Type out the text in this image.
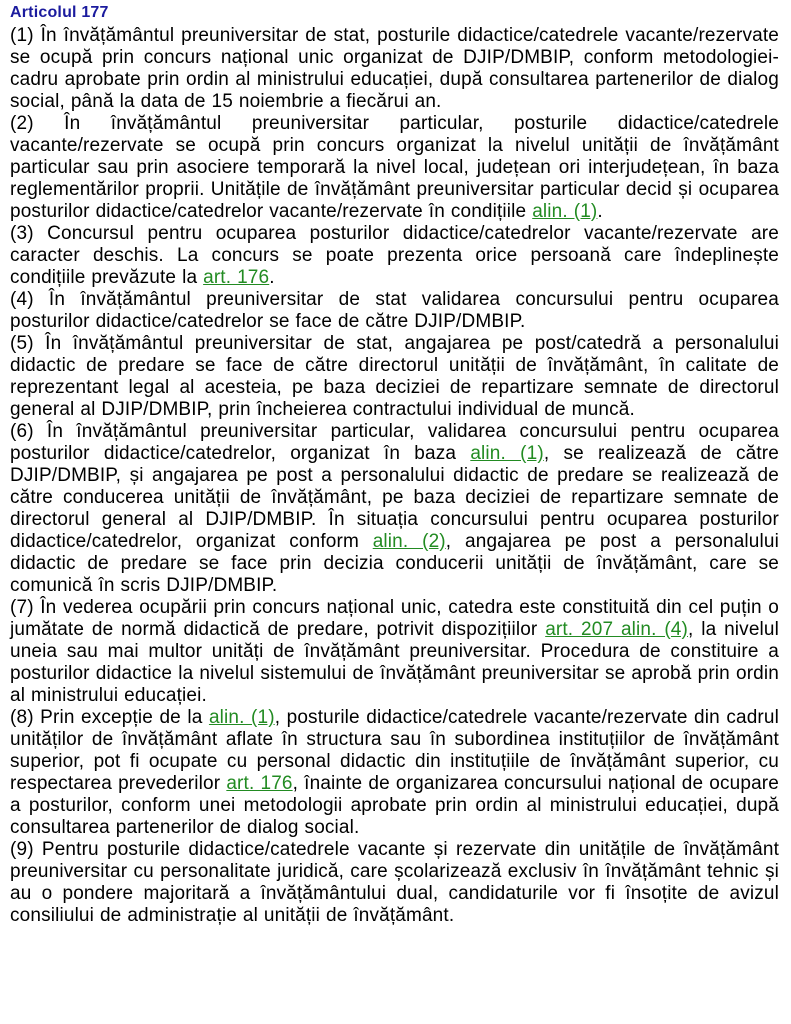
Articolul 177

(1) În învățământul preuniversitar de stat, posturile didactice/catedrele vacante/rezervate se ocupă prin concurs național unic organizat de DJIP/DMBIP, conform metodologiei-cadru aprobate prin ordin al ministrului educației, după consultarea partenerilor de dialog social, până la data de 15 noiembrie a fiecărui an.

(2) În învățământul preuniversitar particular, posturile didactice/catedrele vacante/rezervate se ocupă prin concurs organizat la nivelul unității de învățământ particular sau prin asociere temporară la nivel local, județean ori interjudețean, în baza reglementărilor proprii. Unitățile de învățământ preuniversitar particular decid și ocuparea posturilor didactice/catedrelor vacante/rezervate în condițiile alin. (1).

(3) Concursul pentru ocuparea posturilor didactice/catedrelor vacante/rezervate are caracter deschis. La concurs se poate prezenta orice persoană care îndeplinește condițiile prevăzute la art. 176.

(4) În învățământul preuniversitar de stat validarea concursului pentru ocuparea posturilor didactice/catedrelor se face de către DJIP/DMBIP.

(5) În învățământul preuniversitar de stat, angajarea pe post/catedră a personalului didactic de predare se face de către directorul unității de învățământ, în calitate de reprezentant legal al acesteia, pe baza deciziei de repartizare semnate de directorul general al DJIP/DMBIP, prin încheierea contractului individual de muncă.

(6) În învățământul preuniversitar particular, validarea concursului pentru ocuparea posturilor didactice/catedrelor, organizat în baza alin. (1), se realizează de către DJIP/DMBIP, și angajarea pe post a personalului didactic de predare se realizează de către conducerea unității de învățământ, pe baza deciziei de repartizare semnate de directorul general al DJIP/DMBIP. În situația concursului pentru ocuparea posturilor didactice/catedrelor, organizat conform alin. (2), angajarea pe post a personalului didactic de predare se face prin decizia conducerii unității de învățământ, care se comunică în scris DJIP/DMBIP.

(7) În vederea ocupării prin concurs național unic, catedra este constituită din cel puțin o jumătate de normă didactică de predare, potrivit dispozițiilor art. 207 alin. (4), la nivelul uneia sau mai multor unități de învățământ preuniversitar. Procedura de constituire a posturilor didactice la nivelul sistemului de învățământ preuniversitar se aprobă prin ordin al ministrului educației.

(8) Prin excepție de la alin. (1), posturile didactice/catedrele vacante/rezervate din cadrul unităților de învățământ aflate în structura sau în subordinea instituțiilor de învățământ superior, pot fi ocupate cu personal didactic din instituțiile de învățământ superior, cu respectarea prevederilor art. 176, înainte de organizarea concursului național de ocupare a posturilor, conform unei metodologii aprobate prin ordin al ministrului educației, după consultarea partenerilor de dialog social.

(9) Pentru posturile didactice/catedrele vacante și rezervate din unitățile de învățământ preuniversitar cu personalitate juridică, care școlarizează exclusiv în învățământ tehnic și au o pondere majoritară a învățământului dual, candidaturile vor fi însoțite de avizul consiliului de administrație al unității de învățământ.
